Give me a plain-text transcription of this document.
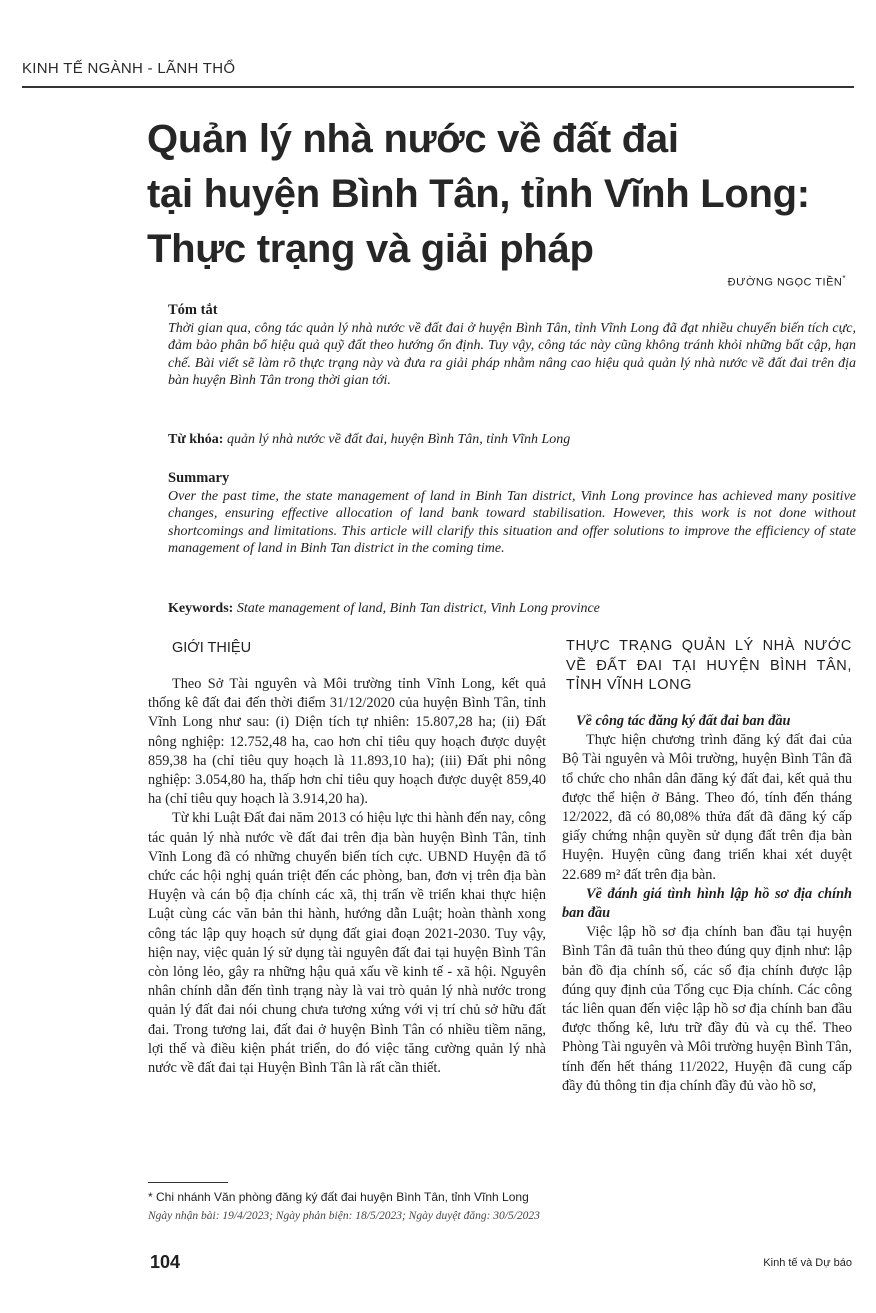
KINH TẾ NGÀNH - LÃNH THỔ
Quản lý nhà nước về đất đai
tại huyện Bình Tân, tỉnh Vĩnh Long:
Thực trạng và giải pháp
ĐƯỜNG NGỌC TIỀN*
Tóm tắt
Thời gian qua, công tác quản lý nhà nước về đất đai ở huyện Bình Tân, tỉnh Vĩnh Long đã đạt nhiều chuyển biến tích cực, đảm bảo phân bổ hiệu quả quỹ đất theo hướng ổn định. Tuy vậy, công tác này cũng không tránh khỏi những bất cập, hạn chế. Bài viết sẽ làm rõ thực trạng này và đưa ra giải pháp nhằm nâng cao hiệu quả quản lý nhà nước về đất đai trên địa bàn huyện Bình Tân trong thời gian tới.
Từ khóa: quản lý nhà nước về đất đai, huyện Bình Tân, tỉnh Vĩnh Long
Summary
Over the past time, the state management of land in Binh Tan district, Vinh Long province has achieved many positive changes, ensuring effective allocation of land bank toward stabilisation. However, this work is not done without shortcomings and limitations. This article will clarify this situation and offer solutions to improve the efficiency of state management of land in Binh Tan district in the coming time.
Keywords: State management of land, Binh Tan district, Vinh Long province
GIỚI THIỆU

Theo Sở Tài nguyên và Môi trường tỉnh Vĩnh Long, kết quả thống kê đất đai đến thời điểm 31/12/2020 của huyện Bình Tân, tỉnh Vĩnh Long như sau: (i) Diện tích tự nhiên: 15.807,28 ha; (ii) Đất nông nghiệp: 12.752,48 ha, cao hơn chỉ tiêu quy hoạch được duyệt 859,38 ha (chỉ tiêu quy hoạch là 11.893,10 ha); (iii) Đất phi nông nghiệp: 3.054,80 ha, thấp hơn chỉ tiêu quy hoạch được duyệt 859,40 ha (chỉ tiêu quy hoạch là 3.914,20 ha).

Từ khi Luật Đất đai năm 2013 có hiệu lực thi hành đến nay, công tác quản lý nhà nước về đất đai trên địa bàn huyện Bình Tân, tỉnh Vĩnh Long đã có những chuyển biến tích cực. UBND Huyện đã tổ chức các hội nghị quán triệt đến các phòng, ban, đơn vị trên địa bàn Huyện và cán bộ địa chính các xã, thị trấn về triển khai thực hiện Luật cùng các văn bản thi hành, hướng dẫn Luật; hoàn thành xong công tác lập quy hoạch sử dụng đất giai đoạn 2021-2030. Tuy vậy, hiện nay, việc quản lý sử dụng tài nguyên đất đai tại huyện Bình Tân còn lỏng lẻo, gây ra những hậu quả xấu về kinh tế - xã hội. Nguyên nhân chính dẫn đến tình trạng này là vai trò quản lý nhà nước trong quản lý đất đai nói chung chưa tương xứng với vị trí chủ sở hữu đất đai. Trong tương lai, đất đai ở huyện Bình Tân có nhiều tiềm năng, lợi thế và điều kiện phát triển, do đó việc tăng cường quản lý nhà nước về đất đai tại Huyện Bình Tân là rất cần thiết.

THỰC TRẠNG QUẢN LÝ NHÀ NƯỚC VỀ ĐẤT ĐAI TẠI HUYỆN BÌNH TÂN, TỈNH VĨNH LONG
Về công tác đăng ký đất đai ban đầu

Thực hiện chương trình đăng ký đất đai của Bộ Tài nguyên và Môi trường, huyện Bình Tân đã tổ chức cho nhân dân đăng ký đất đai, kết quả thu được thể hiện ở Bảng. Theo đó, tính đến tháng 12/2022, đã có 80,08% thửa đất đã đăng ký cấp giấy chứng nhận quyền sử dụng đất trên địa bàn Huyện. Huyện cũng đang triển khai xét duyệt 22.689 m² đất trên địa bàn.

Về đánh giá tình hình lập hồ sơ địa chính ban đầu

Việc lập hồ sơ địa chính ban đầu tại huyện Bình Tân đã tuân thủ theo đúng quy định như: lập bản đồ địa chính số, các sổ địa chính được lập đúng quy định của Tổng cục Địa chính. Các công tác liên quan đến việc lập hồ sơ địa chính ban đầu được thống kê, lưu trữ đầy đủ và cụ thể. Theo Phòng Tài nguyên và Môi trường huyện Bình Tân, tính đến hết tháng 11/2022, Huyện đã cung cấp đầy đủ thông tin địa chính đầy đủ vào hồ sơ,

* Chi nhánh Văn phòng đăng ký đất đai huyện Bình Tân, tỉnh Vĩnh Long
Ngày nhận bài: 19/4/2023; Ngày phản biện: 18/5/2023; Ngày duyệt đăng: 30/5/2023
104	Kinh tế và Dự báo
